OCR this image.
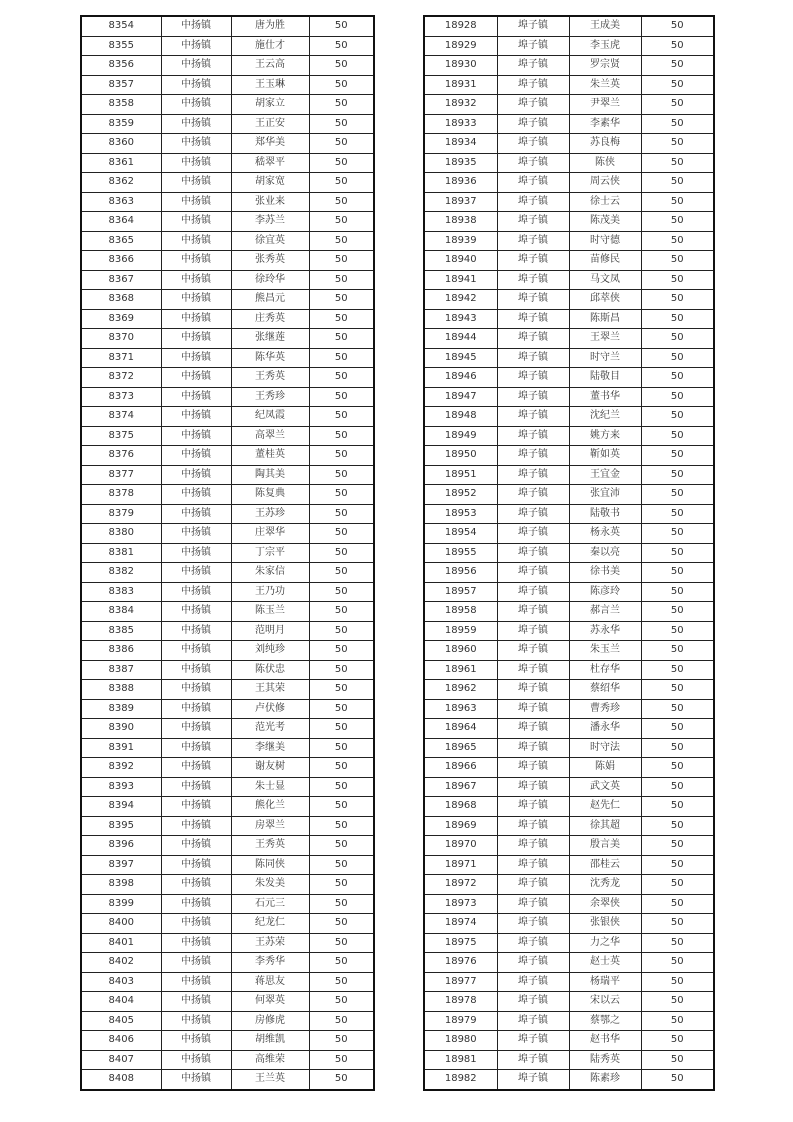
8354	中扬镇	唐为胜	50
8355	中扬镇	施仕才	50
8356	中扬镇	王云高	50
8357	中扬镇	王玉琳	50
8358	中扬镇	胡家立	50
8359	中扬镇	王正安	50
8360	中扬镇	郑华美	50
8361	中扬镇	嵇翠平	50
8362	中扬镇	胡家宽	50
8363	中扬镇	张业来	50
8364	中扬镇	李苏兰	50
8365	中扬镇	徐宜英	50
8366	中扬镇	张秀英	50
8367	中扬镇	徐玲华	50
8368	中扬镇	熊昌元	50
8369	中扬镇	庄秀英	50
8370	中扬镇	张继莲	50
8371	中扬镇	陈华英	50
8372	中扬镇	王秀英	50
8373	中扬镇	王秀珍	50
8374	中扬镇	纪凤霞	50
8375	中扬镇	高翠兰	50
8376	中扬镇	董桂英	50
8377	中扬镇	陶其美	50
8378	中扬镇	陈复典	50
8379	中扬镇	王苏珍	50
8380	中扬镇	庄翠华	50
8381	中扬镇	丁宗平	50
8382	中扬镇	朱家信	50
8383	中扬镇	王乃功	50
8384	中扬镇	陈玉兰	50
8385	中扬镇	范明月	50
8386	中扬镇	刘纯珍	50
8387	中扬镇	陈伏忠	50
8388	中扬镇	王其荣	50
8389	中扬镇	卢伏修	50
8390	中扬镇	范光考	50
8391	中扬镇	李继美	50
8392	中扬镇	谢友树	50
8393	中扬镇	朱士显	50
8394	中扬镇	熊化兰	50
8395	中扬镇	房翠兰	50
8396	中扬镇	王秀英	50
8397	中扬镇	陈同侠	50
8398	中扬镇	朱发美	50
8399	中扬镇	石元三	50
8400	中扬镇	纪龙仁	50
8401	中扬镇	王苏荣	50
8402	中扬镇	李秀华	50
8403	中扬镇	蒋思友	50
8404	中扬镇	何翠英	50
8405	中扬镇	房修虎	50
8406	中扬镇	胡维凯	50
8407	中扬镇	高维荣	50
8408	中扬镇	王兰英	50
18928	埠子镇	王成美	50
18929	埠子镇	李玉虎	50
18930	埠子镇	罗宗贤	50
18931	埠子镇	朱兰英	50
18932	埠子镇	尹翠兰	50
18933	埠子镇	李素华	50
18934	埠子镇	苏良梅	50
18935	埠子镇	陈侠	50
18936	埠子镇	周云侠	50
18937	埠子镇	徐士云	50
18938	埠子镇	陈茂美	50
18939	埠子镇	时守德	50
18940	埠子镇	苗修民	50
18941	埠子镇	马文凤	50
18942	埠子镇	邱萃侠	50
18943	埠子镇	陈斯昌	50
18944	埠子镇	王翠兰	50
18945	埠子镇	时守兰	50
18946	埠子镇	陆敬目	50
18947	埠子镇	董书华	50
18948	埠子镇	沈纪兰	50
18949	埠子镇	姚方来	50
18950	埠子镇	靳如英	50
18951	埠子镇	王宜金	50
18952	埠子镇	张宜沛	50
18953	埠子镇	陆敬书	50
18954	埠子镇	杨永英	50
18955	埠子镇	秦以亮	50
18956	埠子镇	徐书美	50
18957	埠子镇	陈彦玲	50
18958	埠子镇	郝言兰	50
18959	埠子镇	苏永华	50
18960	埠子镇	朱玉兰	50
18961	埠子镇	杜存华	50
18962	埠子镇	蔡绍华	50
18963	埠子镇	曹秀珍	50
18964	埠子镇	潘永华	50
18965	埠子镇	时守法	50
18966	埠子镇	陈娟	50
18967	埠子镇	武文英	50
18968	埠子镇	赵先仁	50
18969	埠子镇	徐其超	50
18970	埠子镇	殷言美	50
18971	埠子镇	邵桂云	50
18972	埠子镇	沈秀龙	50
18973	埠子镇	余翠侠	50
18974	埠子镇	张银侠	50
18975	埠子镇	力之华	50
18976	埠子镇	赵士英	50
18977	埠子镇	杨瑞平	50
18978	埠子镇	宋以云	50
18979	埠子镇	蔡鄂之	50
18980	埠子镇	赵书华	50
18981	埠子镇	陆秀英	50
18982	埠子镇	陈素珍	50
